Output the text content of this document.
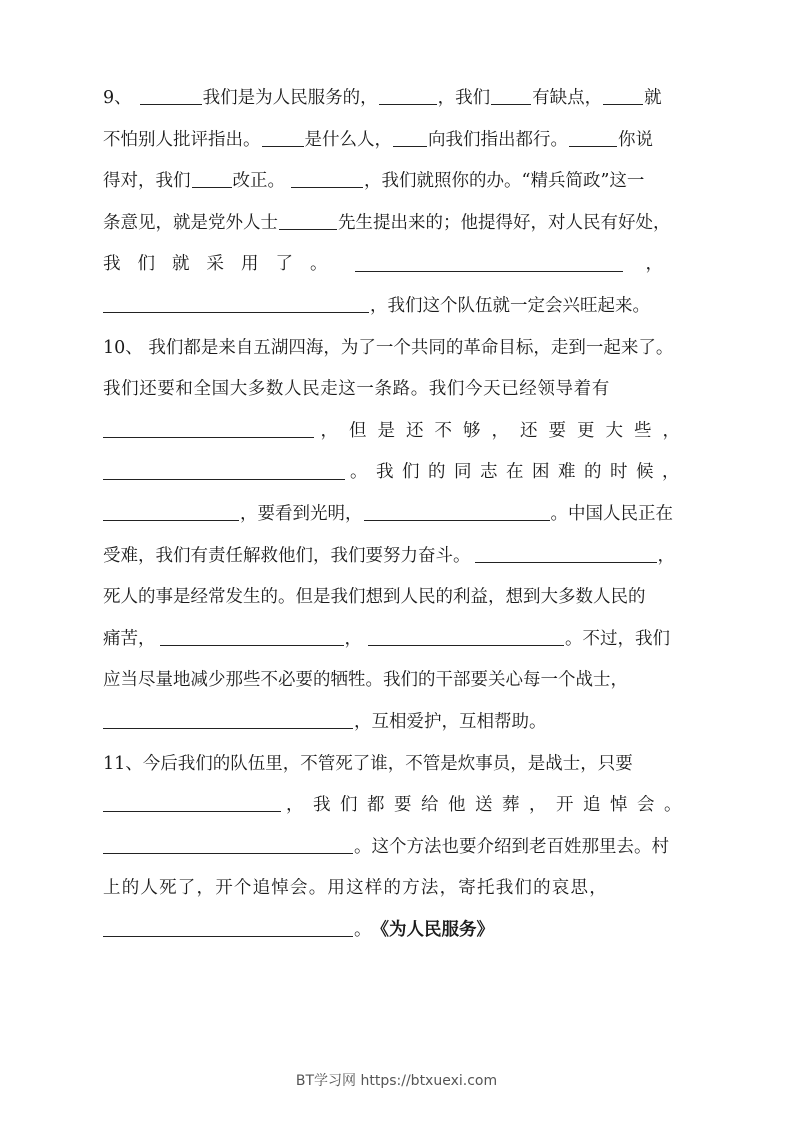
9、	我们是为人民服务的，	，我们 有缺点， 就
不怕别人批评指出。	是什么人， 向我们指出都行。	你说
得对，我们 改正。	，我们就照你的办。“精兵简政”这一
条意见，就是党外人士	先生提出来的；他提得好，对人民有好处，
我们就采用了。	，
，我们这个队伍就一定会兴旺起来。
10、 我们都是来自五湖四海，为了一个共同的革命目标，走到一起来了。
我们还要和全国大多数人民走这一条路。我们今天已经领导着有
，但是还不够，还要更大些，
。我们的同志在困难的时候，
，要看到光明，	。中国人民正在
受难，我们有责任解救他们，我们要努力奋斗。	，
死人的事是经常发生的。但是我们想到人民的利益，想到大多数人民的
痛苦，	，	。不过，我们
应当尽量地减少那些不必要的牺牲。我们的干部要关心每一个战士，
，互相爱护，互相帮助。
11、今后我们的队伍里，不管死了谁，不管是炊事员，是战士，只要
，我们都要给他送葬，开追悼会。
。这个方法也要介绍到老百姓那里去。村
上的人死了，开个追悼会。用这样的方法，寄托我们的哀思，
。 《为人民服务》
BT学习网 https://btxuexi.com
